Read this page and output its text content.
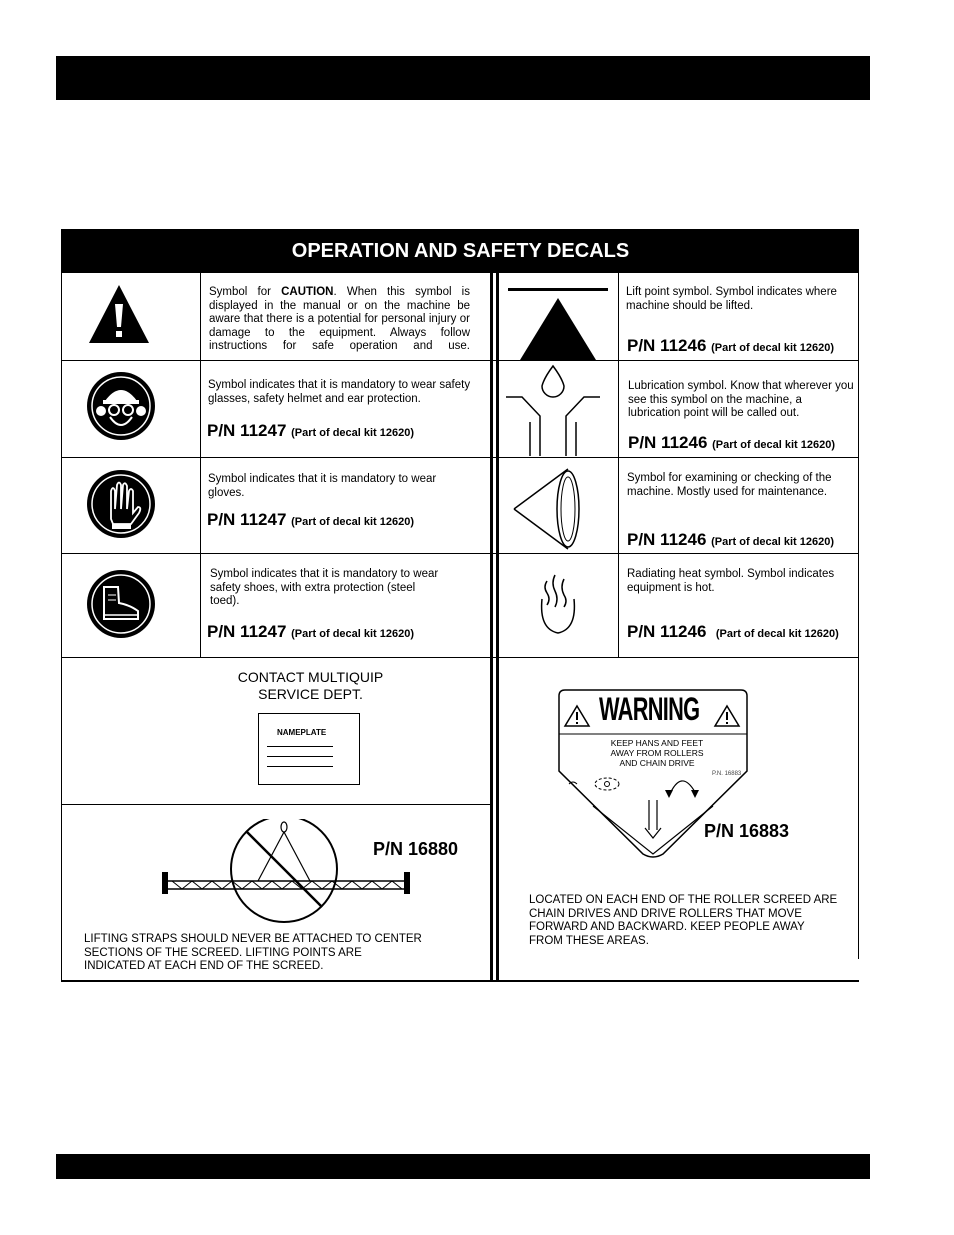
OPERATION AND SAFETY DECALS
Symbol for CAUTION. When this symbol is displayed in the manual or on the machine be aware that there is a potential for personal injury or damage to the equipment. Always follow instructions for safe operation and use.
Lift point symbol. Symbol indicates where machine should be lifted.
P/N 11246 (Part of decal kit 12620)
Symbol indicates that it is mandatory to wear safety glasses, safety helmet and ear protection.
P/N 11247 (Part of decal kit 12620)
Lubrication symbol. Know that wherever you see this symbol on the machine, a lubrication point will be called out.
P/N 11246 (Part of decal kit 12620)
Symbol indicates that it is mandatory to wear gloves.
P/N 11247 (Part of decal kit 12620)
Symbol for examining or checking of the machine. Mostly used for maintenance.
P/N 11246 (Part of decal kit 12620)
Symbol indicates that it is mandatory to wear safety shoes, with extra protection (steel toed).
P/N 11247 (Part of decal kit 12620)
Radiating heat symbol. Symbol indicates equipment is hot.
P/N 11246 (Part of decal kit 12620)
CONTACT MULTIQUIP
SERVICE DEPT.
NAMEPLATE
P/N 16880
LIFTING STRAPS SHOULD NEVER BE ATTACHED TO CENTER SECTIONS OF THE SCREED. LIFTING POINTS ARE INDICATED AT EACH END OF THE SCREED.
WARNING
KEEP HANS AND FEET
AWAY FROM ROLLERS
AND CHAIN DRIVE
P.N. 16883
P/N 16883
LOCATED ON EACH END OF THE ROLLER SCREED ARE CHAIN DRIVES AND DRIVE ROLLERS THAT MOVE FORWARD AND BACKWARD. KEEP PEOPLE AWAY FROM THESE AREAS.
